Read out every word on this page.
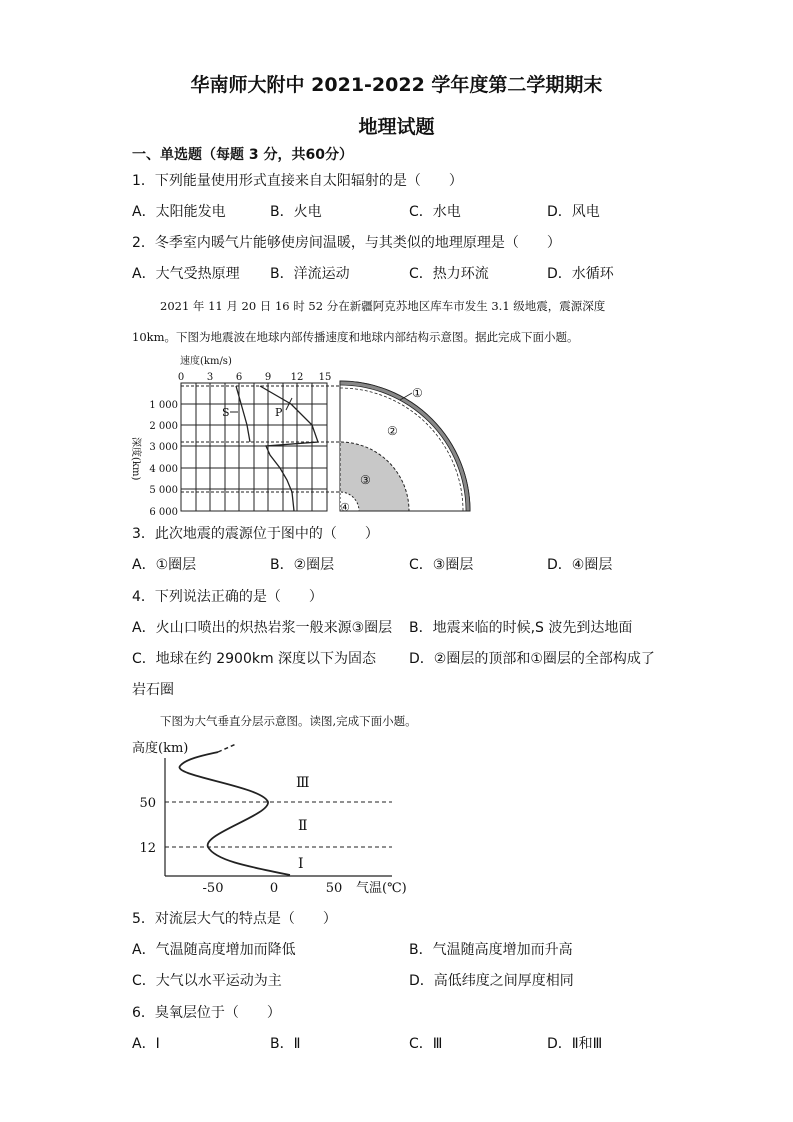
华南师大附中 2021-2022 学年度第二学期期末
地理试题
一、单选题（每题 3 分，共60分）
1．下列能量使用形式直接来自太阳辐射的是（　　）
A．太阳能发电	B．火电	C．水电	D．风电
2．冬季室内暖气片能够使房间温暖，与其类似的地理原理是（　　）
A．大气受热原理 B．洋流运动	C．热力环流	D．水循环
2021 年 11 月 20 日 16 时 52 分在新疆阿克苏地区库车市发生 3.1 级地震，震源深度
10km。下图为地震波在地球内部传播速度和地球内部结构示意图。据此完成下面小题。
速度(km/s)
0 3 6 9 12 15
1 000
2 000
3 000
4 000
5 000
6 000
深度(km)
S	P
①
②
③
④
3．此次地震的震源位于图中的（　　）
A．①圈层	B．②圈层	C．③圈层	D．④圈层
4．下列说法正确的是（　　）
A．火山口喷出的炽热岩浆一般来源③圈层 B．地震来临的时候,S 波先到达地面
C．地球在约 2900km 深度以下为固态 D．②圈层的顶部和①圈层的全部构成了
岩石圈
下图为大气垂直分层示意图。读图,完成下面小题。
高度(km)
50
12
-50	0	50 气温(℃)
Ⅲ
Ⅱ
Ⅰ
5．对流层大气的特点是（　　）
A．气温随高度增加而降低	B．气温随高度增加而升高
C．大气以水平运动为主	D．高低纬度之间厚度相同
6．臭氧层位于（　　）
A．Ⅰ	B．Ⅱ	C．Ⅲ	D．Ⅱ和Ⅲ
